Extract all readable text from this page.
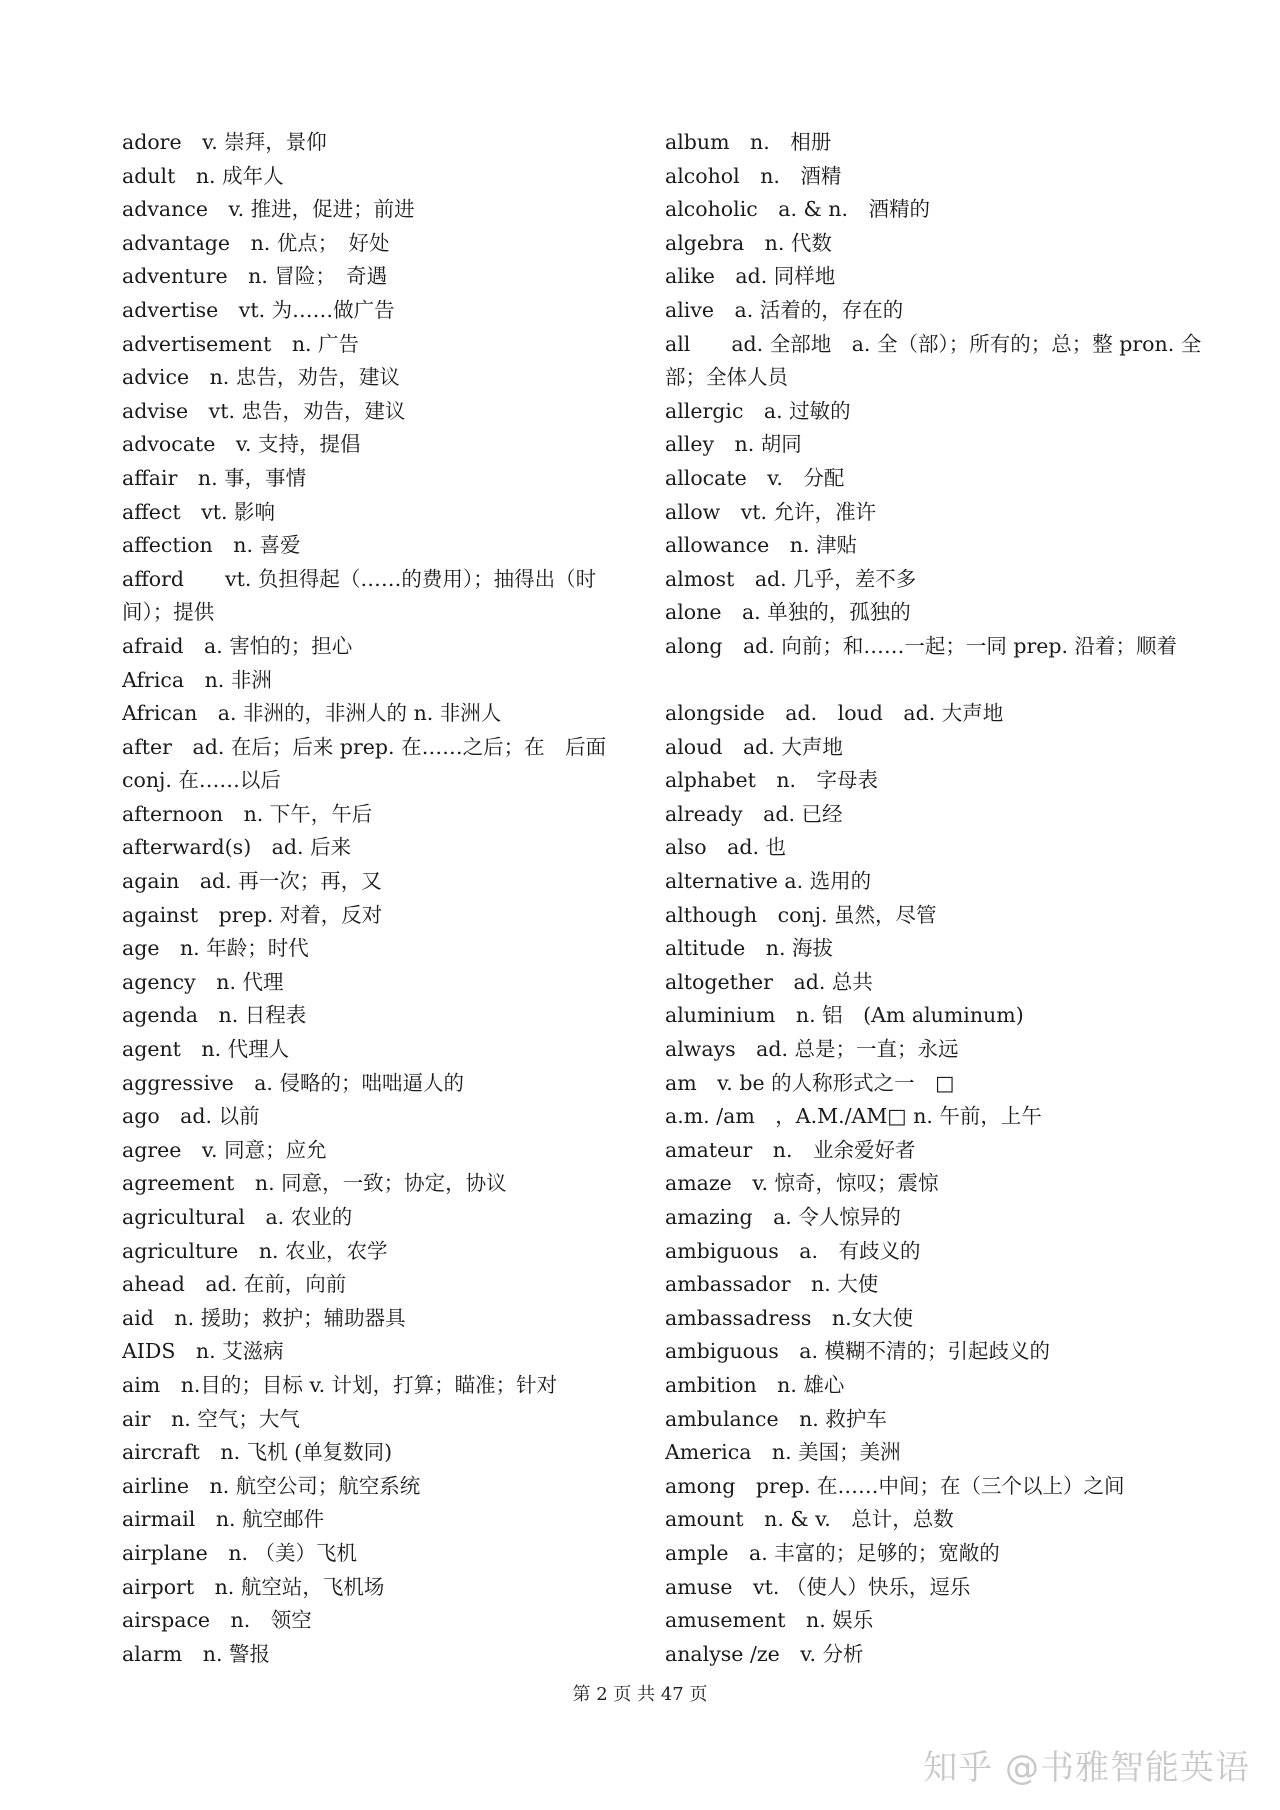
adore　v. 崇拜，景仰
adult　n. 成年人
advance　v. 推进，促进；前进
advantage　n. 优点；　好处
adventure　n. 冒险；　奇遇
advertise　vt. 为……做广告
advertisement　n. 广告
advice　n. 忠告，劝告，建议
advise　vt. 忠告，劝告，建议
advocate　v. 支持，提倡
affair　n. 事，事情
affect　vt. 影响
affection　n. 喜爱
afford　　vt. 负担得起（……的费用）；抽得出（时间）；提供
afraid　a. 害怕的；担心
Africa　n. 非洲
African　a. 非洲的，非洲人的 n. 非洲人
after　ad. 在后；后来 prep. 在……之后；在　后面 conj. 在……以后
afternoon　n. 下午，午后
afterward(s)　ad. 后来
again　ad. 再一次；再，又
against　prep. 对着，反对
age　n. 年龄；时代
agency　n. 代理
agenda　n. 日程表
agent　n. 代理人
aggressive　a. 侵略的；咄咄逼人的
ago　ad. 以前
agree　v. 同意；应允
agreement　n. 同意，一致；协定，协议
agricultural　a. 农业的
agriculture　n. 农业，农学
ahead　ad. 在前，向前
aid　n. 援助；救护；辅助器具
AIDS　n. 艾滋病
aim　n.目的；目标 v. 计划，打算；瞄准；针对
air　n. 空气；大气
aircraft　n. 飞机 (单复数同)
airline　n. 航空公司；航空系统
airmail　n. 航空邮件
airplane　n. （美）飞机
airport　n. 航空站，飞机场
airspace　n.　领空
alarm　n. 警报
album　n.　相册
alcohol　n.　酒精
alcoholic　a. & n.　酒精的
algebra　n. 代数
alike　ad. 同样地
alive　a. 活着的，存在的
all　　ad. 全部地　a. 全（部）；所有的；总；整 pron. 全部；全体人员
allergic　a. 过敏的
alley　n. 胡同
allocate　v.　分配
allow　vt. 允许，准许
allowance　n. 津贴
almost　ad. 几乎，差不多
alone　a. 单独的，孤独的
along　ad. 向前；和……一起；一同 prep. 沿着；顺着
alongside　ad.　loud　ad. 大声地
aloud　ad. 大声地
alphabet　n.　字母表
already　ad. 已经
also　ad. 也
alternative a. 选用的
although　conj. 虽然，尽管
altitude　n. 海拔
altogether　ad. 总共
aluminium　n. 铝　(Am aluminum)
always　ad. 总是；一直；永远
am　v. be 的人称形式之一　□
a.m. /am　，A.M./AM□ n. 午前，上午
amateur　n.　业余爱好者
amaze　v. 惊奇，惊叹；震惊
amazing　a. 令人惊异的
ambiguous　a.　有歧义的
ambassador　n. 大使
ambassadress　n.女大使
ambiguous　a. 模糊不清的；引起歧义的
ambition　n. 雄心
ambulance　n. 救护车
America　n. 美国；美洲
among　prep. 在……中间；在（三个以上）之间
amount　n. & v.　总计，总数
ample　a. 丰富的；足够的；宽敞的
amuse　vt. （使人）快乐，逗乐
amusement　n. 娱乐
analyse /ze　v. 分析
第 2 页 共 47 页
知乎 @书雅智能英语
